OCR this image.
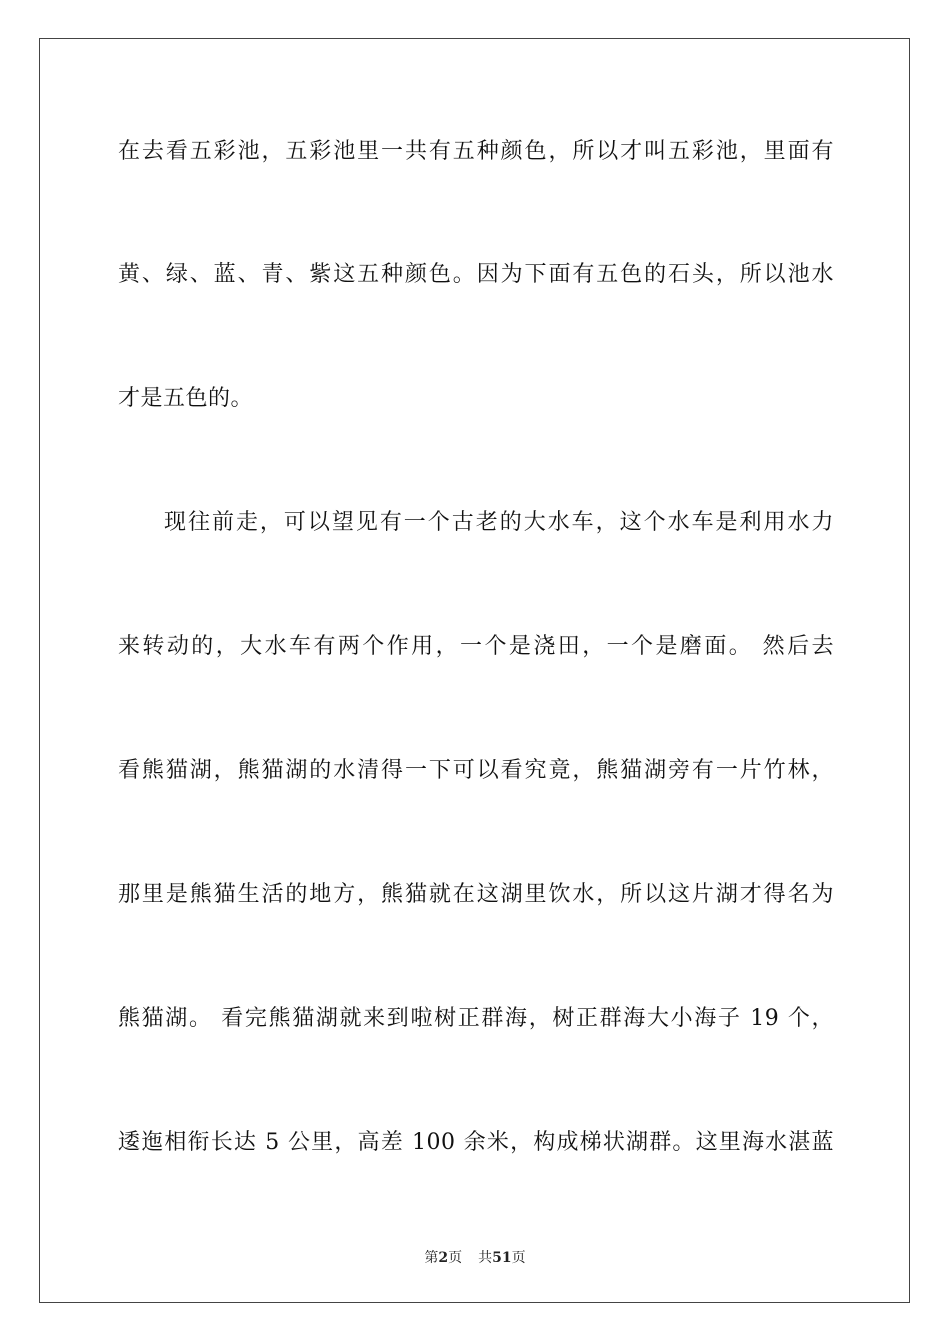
在去看五彩池，五彩池里一共有五种颜色，所以才叫五彩池，里面有
黄、绿、蓝、青、紫这五种颜色。因为下面有五色的石头，所以池水
才是五色的。
现往前走，可以望见有一个古老的大水车，这个水车是利用水力
来转动的，大水车有两个作用，一个是浇田，一个是磨面。 然后去
看熊猫湖，熊猫湖的水清得一下可以看究竟，熊猫湖旁有一片竹林，
那里是熊猫生活的地方，熊猫就在这湖里饮水，所以这片湖才得名为
熊猫湖。 看完熊猫湖就来到啦树正群海，树正群海大小海子 19 个，
逶迤相衔长达 5 公里，高差 100 余米，构成梯状湖群。这里海水湛蓝
第2页 共51页
